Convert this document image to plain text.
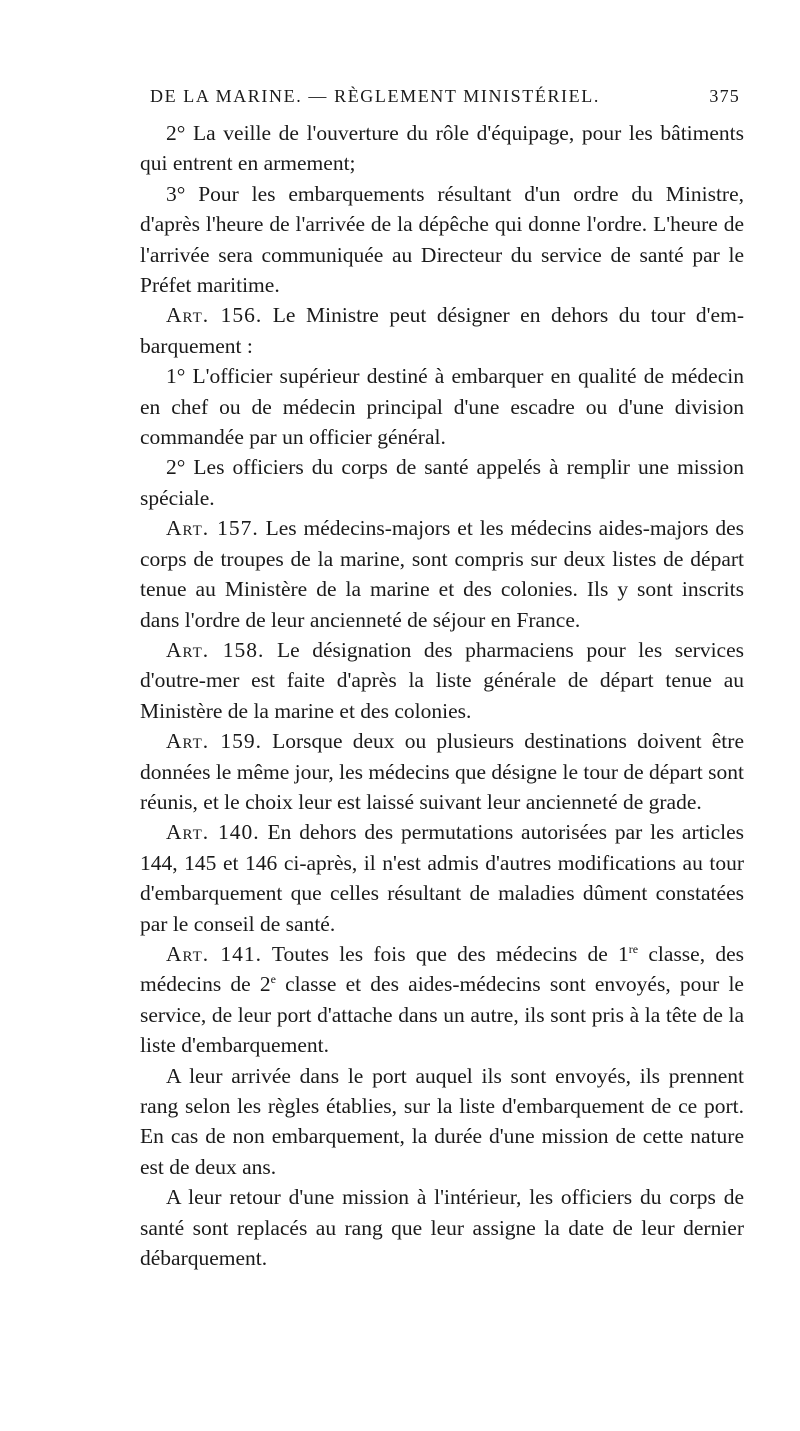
DE LA MARINE. — RÈGLEMENT MINISTÉRIEL.	375

2° La veille de l'ouverture du rôle d'équipage, pour les bâtiments qui entrent en armement;

3° Pour les embarquements résultant d'un ordre du Ministre, d'après l'heure de l'arrivée de la dépêche qui donne l'ordre. L'heure de l'arrivée sera communiquée au Directeur du service de santé par le Préfet maritime.

Art. 156. Le Ministre peut désigner en dehors du tour d'embarquement :

1° L'officier supérieur destiné à embarquer en qualité de médecin en chef ou de médecin principal d'une escadre ou d'une division commandée par un officier général.

2° Les officiers du corps de santé appelés à remplir une mission spéciale.

Art. 157. Les médecins-majors et les médecins aides-majors des corps de troupes de la marine, sont compris sur deux listes de départ tenue au Ministère de la marine et des colonies. Ils y sont inscrits dans l'ordre de leur ancienneté de séjour en France.

Art. 158. Le désignation des pharmaciens pour les services d'outre-mer est faite d'après la liste générale de départ tenue au Ministère de la marine et des colonies.

Art. 159. Lorsque deux ou plusieurs destinations doivent être données le même jour, les médecins que désigne le tour de départ sont réunis, et le choix leur est laissé suivant leur ancienneté de grade.

Art. 140. En dehors des permutations autorisées par les articles 144, 145 et 146 ci-après, il n'est admis d'autres modifications au tour d'embarquement que celles résultant de maladies dûment constatées par le conseil de santé.

Art. 141. Toutes les fois que des médecins de 1re classe, des médecins de 2e classe et des aides-médecins sont envoyés, pour le service, de leur port d'attache dans un autre, ils sont pris à la tête de la liste d'embarquement.

A leur arrivée dans le port auquel ils sont envoyés, ils prennent rang selon les règles établies, sur la liste d'embarquement de ce port. En cas de non embarquement, la durée d'une mission de cette nature est de deux ans.

A leur retour d'une mission à l'intérieur, les officiers du corps de santé sont replacés au rang que leur assigne la date de leur dernier débarquement.
